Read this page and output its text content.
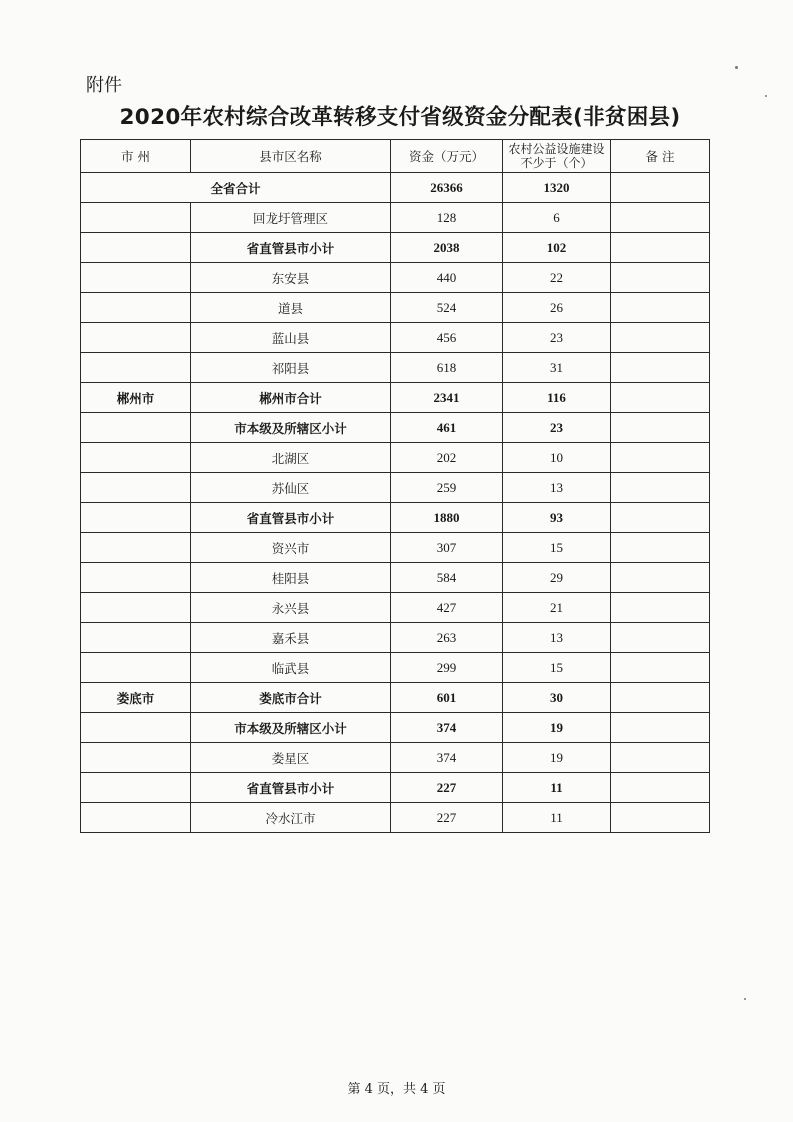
附件
2020年农村综合改革转移支付省级资金分配表(非贫困县)
市 州	县市区名称	资金（万元）	农村公益设施建设不少于（个）	备 注
全省合计		26366	1320	
	回龙圩管理区	128	6	
	省直管县市小计	2038	102	
	东安县	440	22	
	道县	524	26	
	蓝山县	456	23	
	祁阳县	618	31	
郴州市	郴州市合计	2341	116	
	市本级及所辖区小计	461	23	
	北湖区	202	10	
	苏仙区	259	13	
	省直管县市小计	1880	93	
	资兴市	307	15	
	桂阳县	584	29	
	永兴县	427	21	
	嘉禾县	263	13	
	临武县	299	15	
娄底市	娄底市合计	601	30	
	市本级及所辖区小计	374	19	
	娄星区	374	19	
	省直管县市小计	227	11	
	冷水江市	227	11	
第 4 页，共 4 页
